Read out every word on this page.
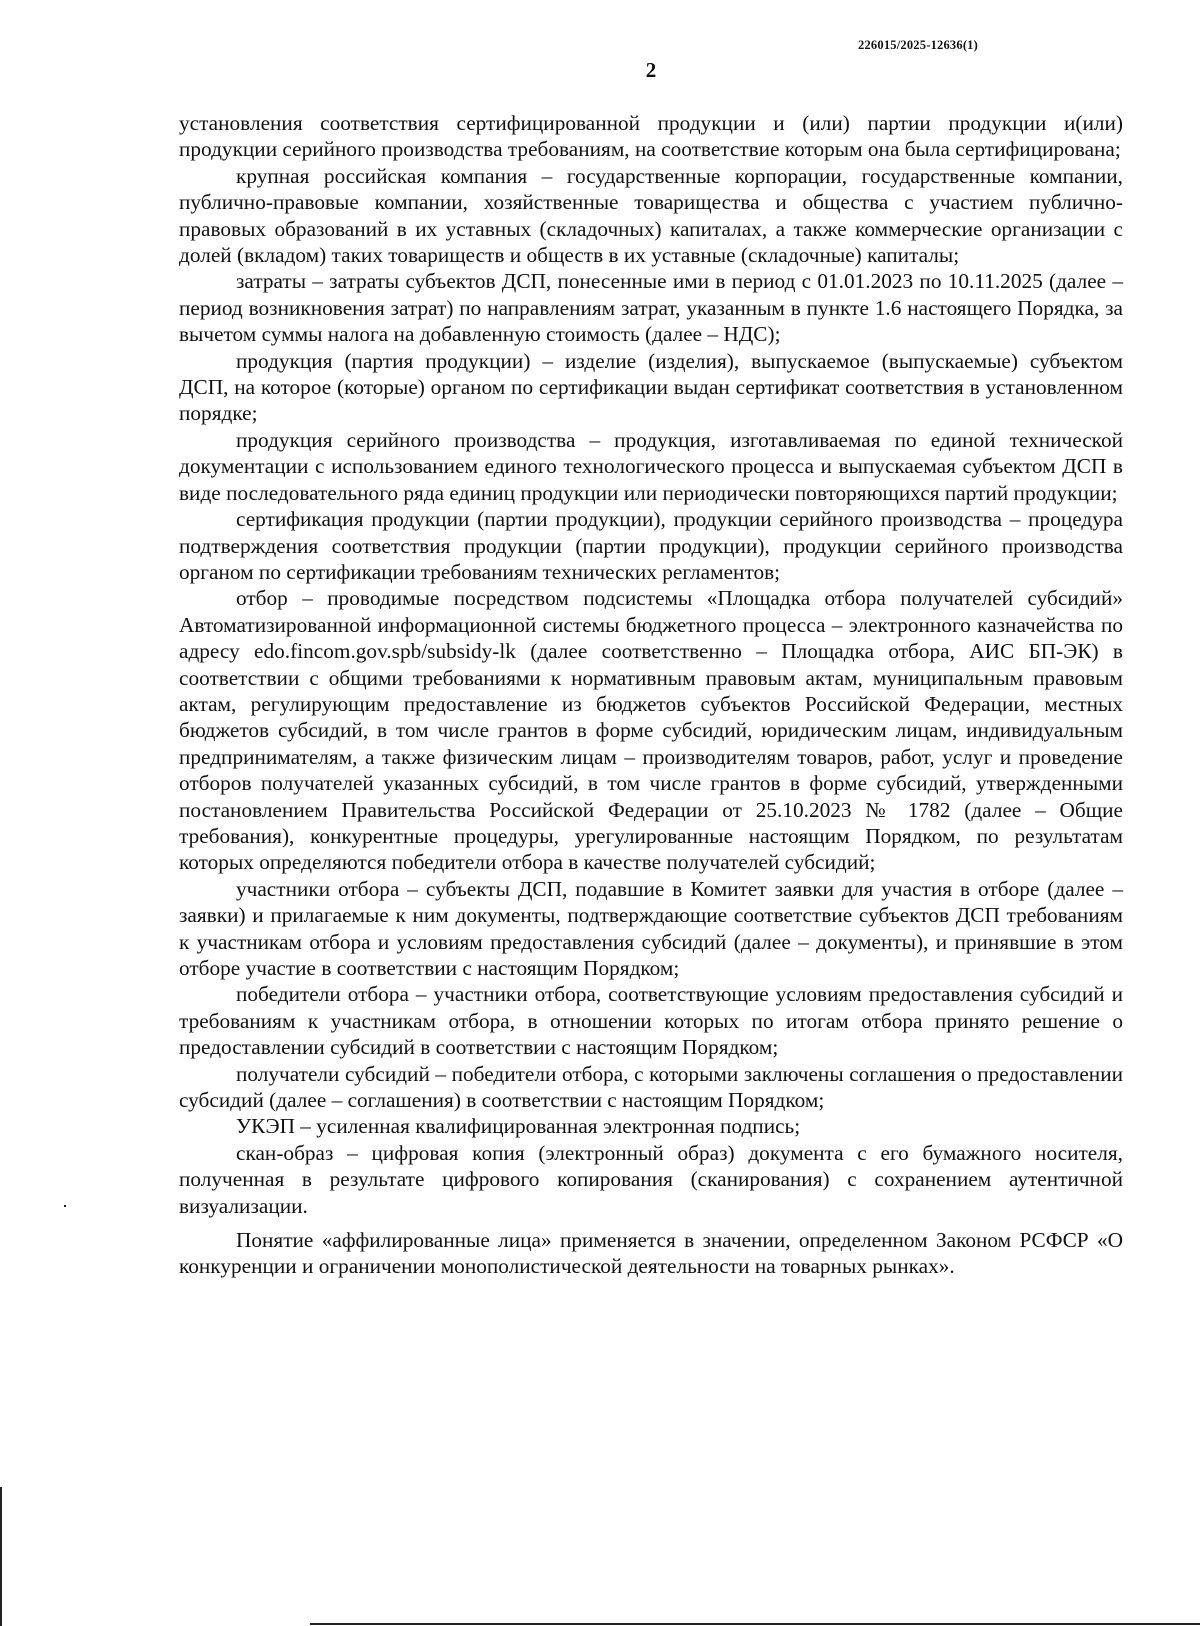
226015/2025-12636(1)
2

установления соответствия сертифицированной продукции и (или) партии продукции и(или) продукции серийного производства требованиям, на соответствие которым она была сертифицирована;

крупная российская компания – государственные корпорации, государственные компании, публично-правовые компании, хозяйственные товарищества и общества с участием публично-правовых образований в их уставных (складочных) капиталах, а также коммерческие организации с долей (вкладом) таких товариществ и обществ в их уставные (складочные) капиталы;

затраты – затраты субъектов ДСП, понесенные ими в период с 01.01.2023 по 10.11.2025 (далее – период возникновения затрат) по направлениям затрат, указанным в пункте 1.6 настоящего Порядка, за вычетом суммы налога на добавленную стоимость (далее – НДС);

продукция (партия продукции) – изделие (изделия), выпускаемое (выпускаемые) субъектом ДСП, на которое (которые) органом по сертификации выдан сертификат соответствия в установленном порядке;

продукция серийного производства – продукция, изготавливаемая по единой технической документации с использованием единого технологического процесса и выпускаемая субъектом ДСП в виде последовательного ряда единиц продукции или периодически повторяющихся партий продукции;

сертификация продукции (партии продукции), продукции серийного производства – процедура подтверждения соответствия продукции (партии продукции), продукции серийного производства органом по сертификации требованиям технических регламентов;

отбор – проводимые посредством подсистемы «Площадка отбора получателей субсидий» Автоматизированной информационной системы бюджетного процесса – электронного казначейства по адресу edo.fincom.gov.spb/subsidy-lk (далее соответственно – Площадка отбора, АИС БП-ЭК) в соответствии с общими требованиями к нормативным правовым актам, муниципальным правовым актам, регулирующим предоставление из бюджетов субъектов Российской Федерации, местных бюджетов субсидий, в том числе грантов в форме субсидий, юридическим лицам, индивидуальным предпринимателям, а также физическим лицам – производителям товаров, работ, услуг и проведение отборов получателей указанных субсидий, в том числе грантов в форме субсидий, утвержденными постановлением Правительства Российской Федерации от 25.10.2023 № 1782 (далее – Общие требования), конкурентные процедуры, урегулированные настоящим Порядком, по результатам которых определяются победители отбора в качестве получателей субсидий;

участники отбора – субъекты ДСП, подавшие в Комитет заявки для участия в отборе (далее – заявки) и прилагаемые к ним документы, подтверждающие соответствие субъектов ДСП требованиям к участникам отбора и условиям предоставления субсидий (далее – документы), и принявшие в этом отборе участие в соответствии с настоящим Порядком;

победители отбора – участники отбора, соответствующие условиям предоставления субсидий и требованиям к участникам отбора, в отношении которых по итогам отбора принято решение о предоставлении субсидий в соответствии с настоящим Порядком;

получатели субсидий – победители отбора, с которыми заключены соглашения о предоставлении субсидий (далее – соглашения) в соответствии с настоящим Порядком;

УКЭП – усиленная квалифицированная электронная подпись;

скан-образ – цифровая копия (электронный образ) документа с его бумажного носителя, полученная в результате цифрового копирования (сканирования) с сохранением аутентичной визуализации.

Понятие «аффилированные лица» применяется в значении, определенном Законом РСФСР «О конкуренции и ограничении монополистической деятельности на товарных рынках».
